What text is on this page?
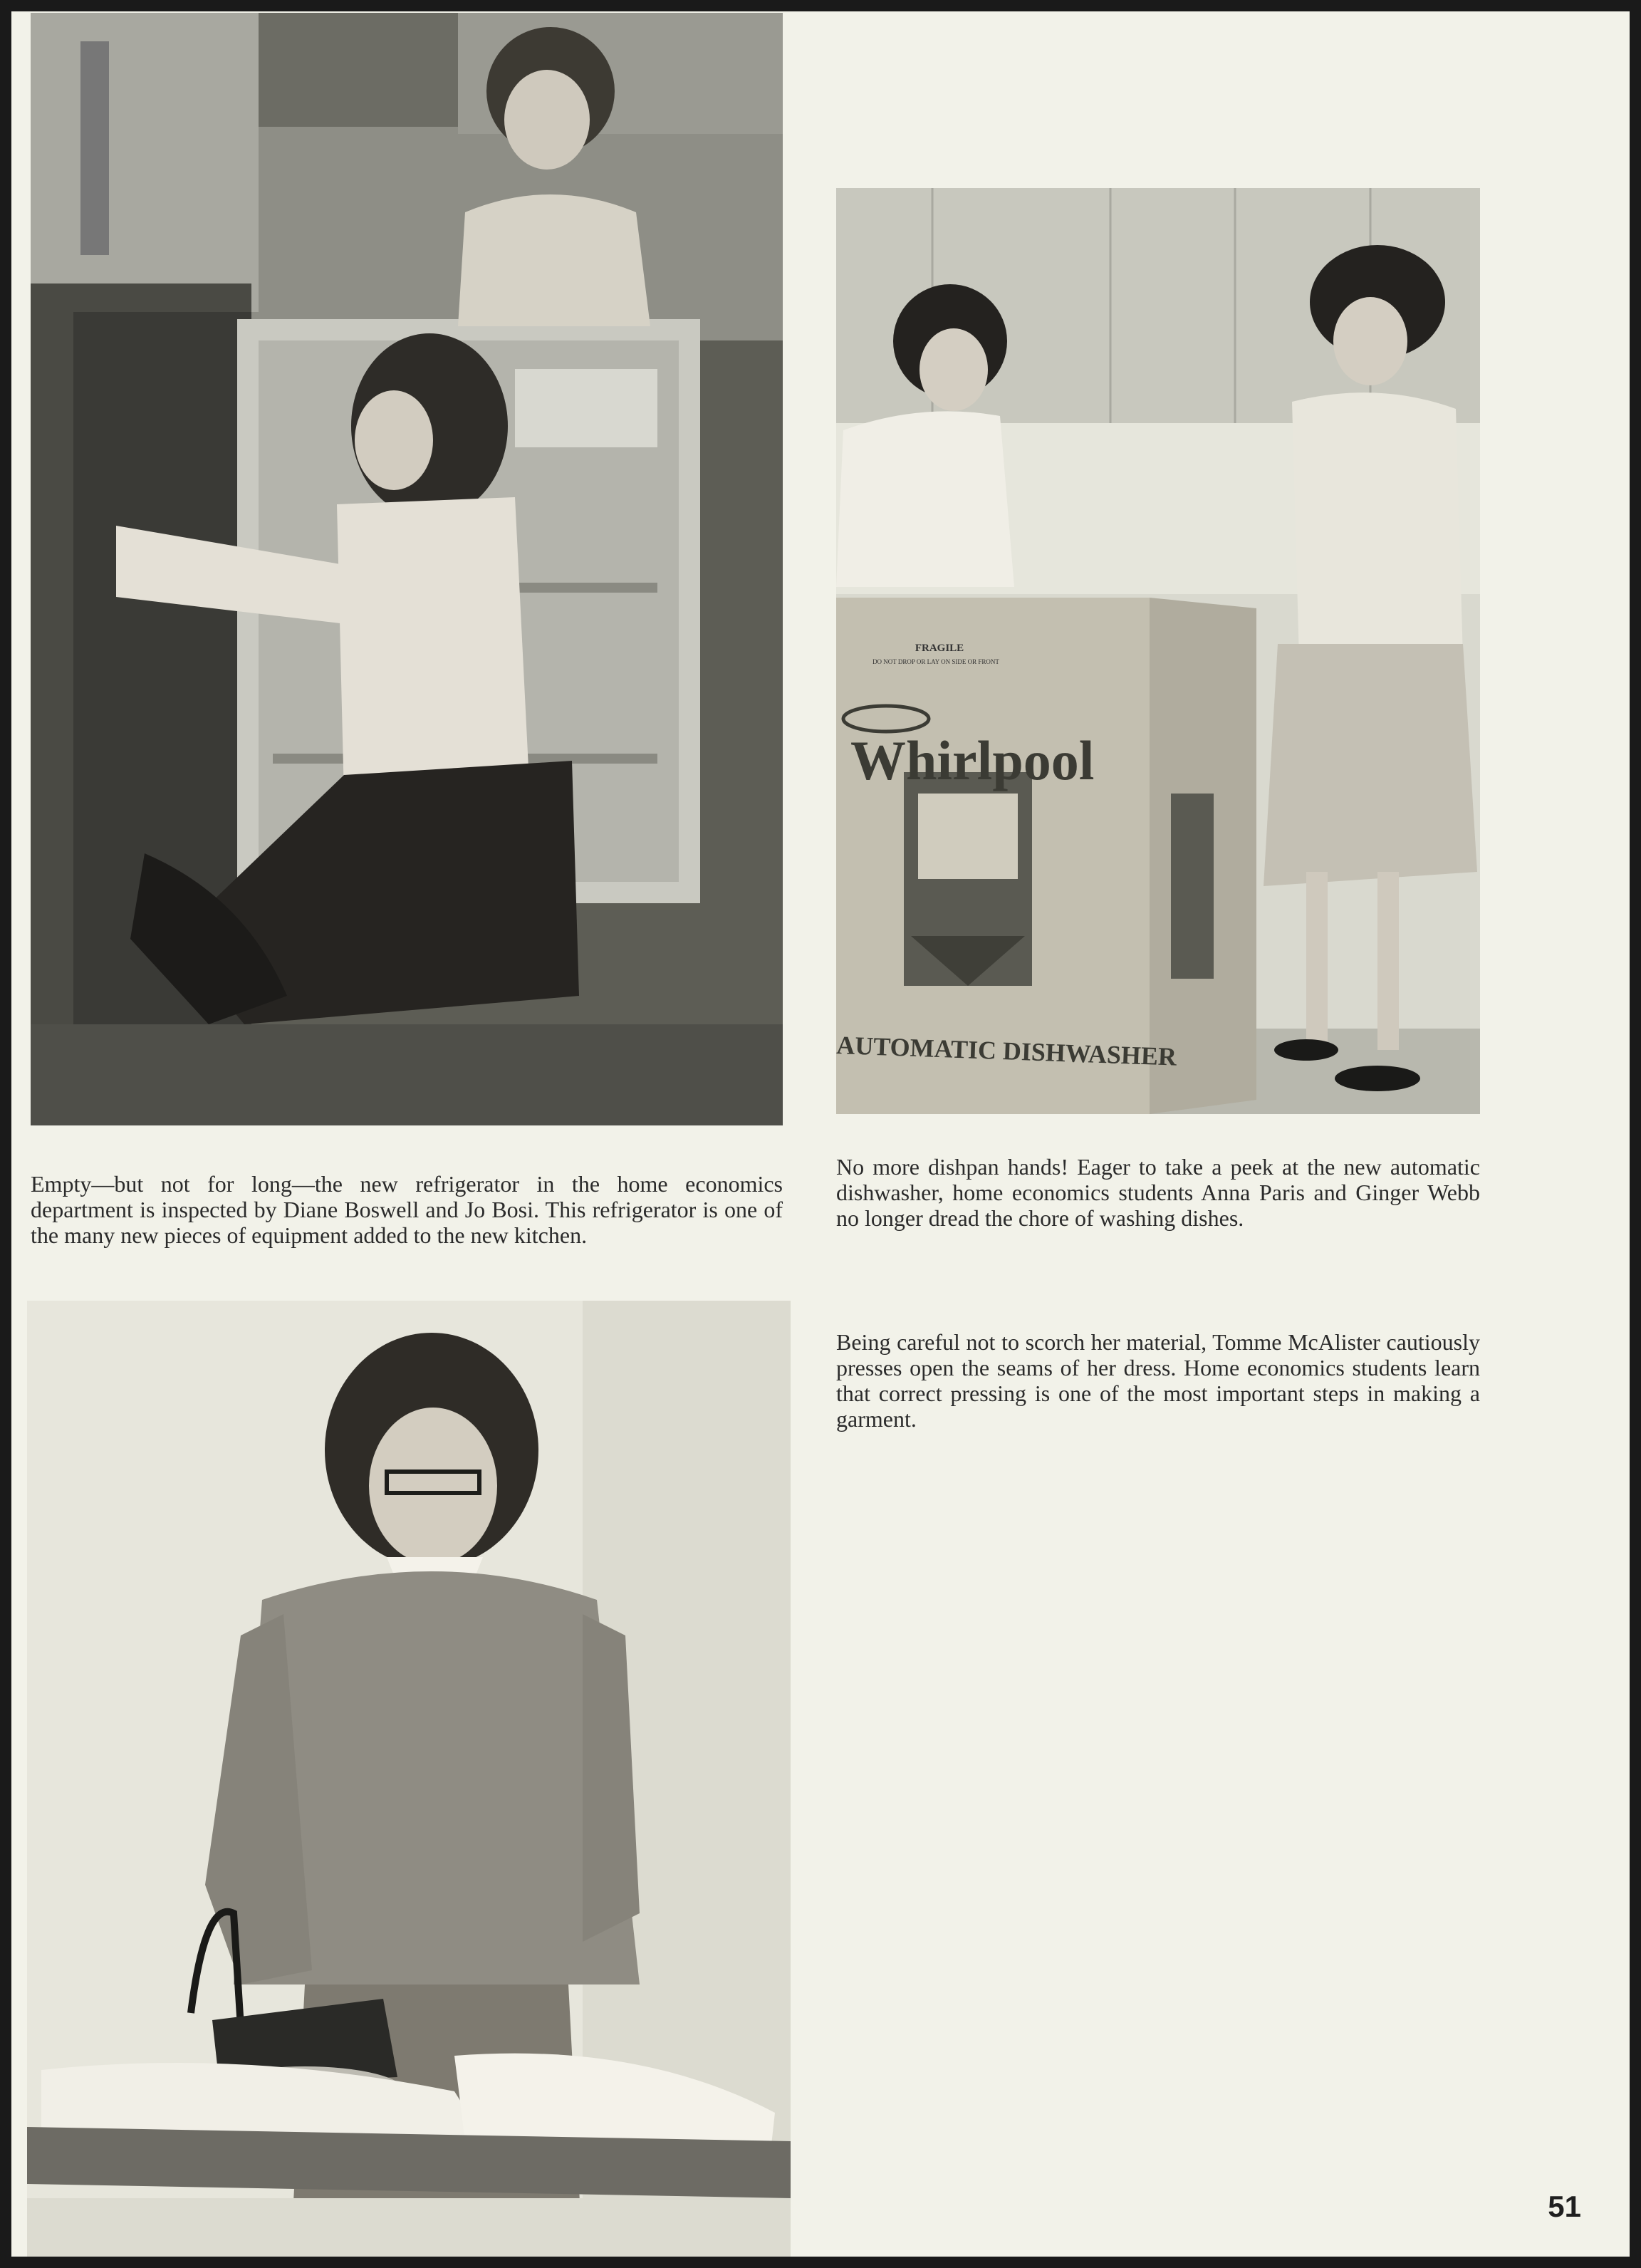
FRAGILE
DO NOT DROP OR LAY ON SIDE OR FRONT
Whirlpool
AUTOMATIC DISHWASHER

Empty—but not for long—the new refrigerator in the home economics department is inspected by Diane Boswell and Jo Bosi. This refrigerator is one of the many new pieces of equipment added to the new kitchen.

No more dishpan hands! Eager to take a peek at the new automatic dishwasher, home economics students Anna Paris and Ginger Webb no longer dread the chore of washing dishes.

Being careful not to scorch her material, Tomme McAlister cautiously presses open the seams of her dress. Home economics students learn that correct pressing is one of the most important steps in making a garment.

51
